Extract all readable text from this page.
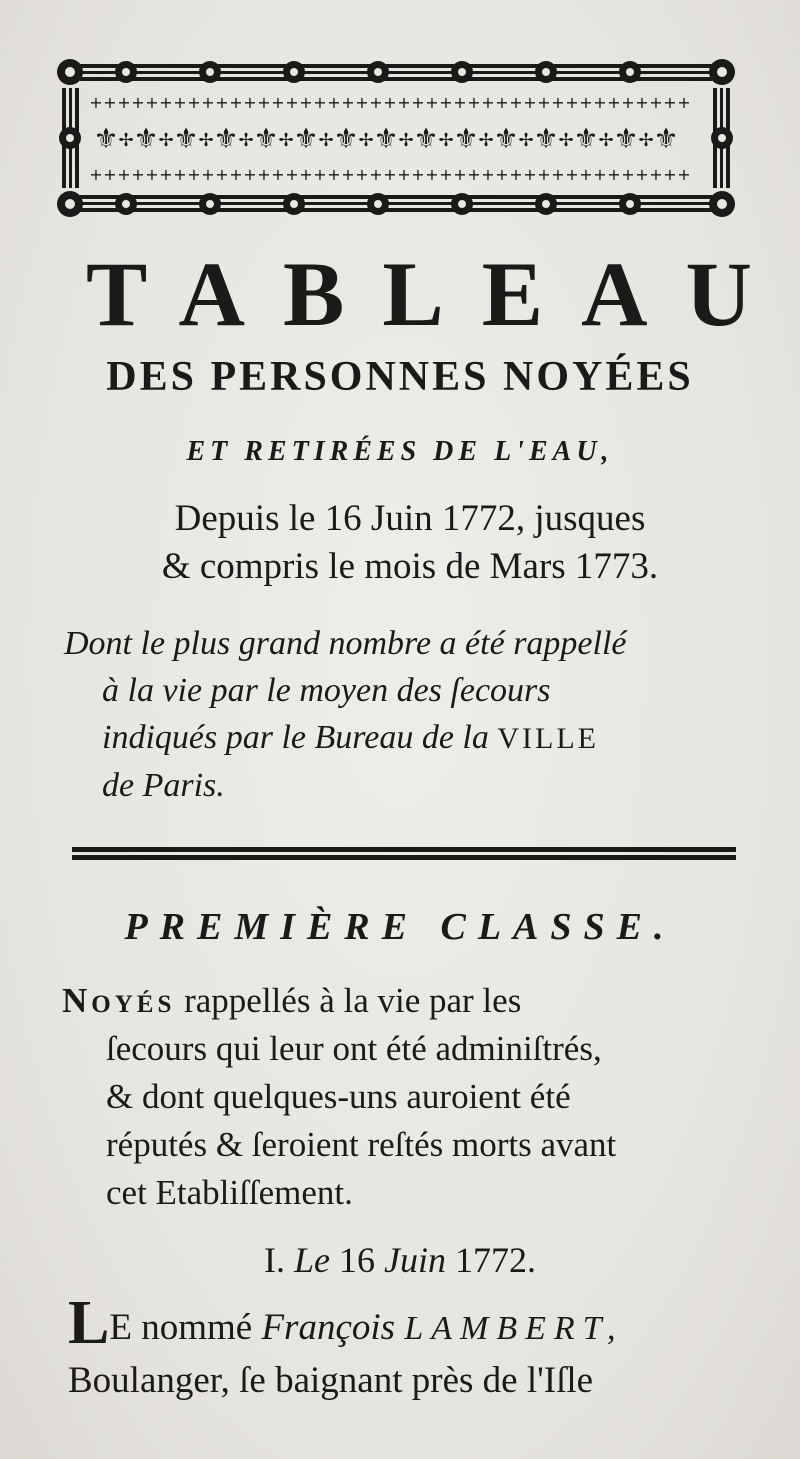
+ + + + + + + + + + + + + + + + + + + + + + + + + + + + + + + + + + + + + + + + + + +
+ + + + + + + + + + + + + + + + + + + + + + + + + + + + + + + + + + + + + + + + + + +
⚜ ⚜ ⚜ ⚜ ⚜ ⚜ ⚜ ⚜ ⚜ ⚜ ⚜ ⚜ ⚜ ⚜ ⚜
✢ ✢ ✢ ✢ ✢ ✢ ✢ ✢ ✢ ✢ ✢ ✢ ✢ ✢
TABLEAU
DES PERSONNES NOYÉES
ET RETIRÉES DE L'EAU,
Depuis le 16 Juin 1772, jusques
& compris le mois de Mars 1773.
Dont le plus grand nombre a été rappellé
à la vie par le moyen des ſecours
indiqués par le Bureau de la VILLE
de Paris.
PREMIÈRE CLASSE.
Noyés rappellés à la vie par les
ſecours qui leur ont été adminiſtrés,
& dont quelques-uns auroient été
réputés & ſeroient reſtés morts avant
cet Etabliſſement.
I. Le 16 Juin 1772.
LE nommé François LAMBERT,
Boulanger, ſe baignant près de l'Iſle
